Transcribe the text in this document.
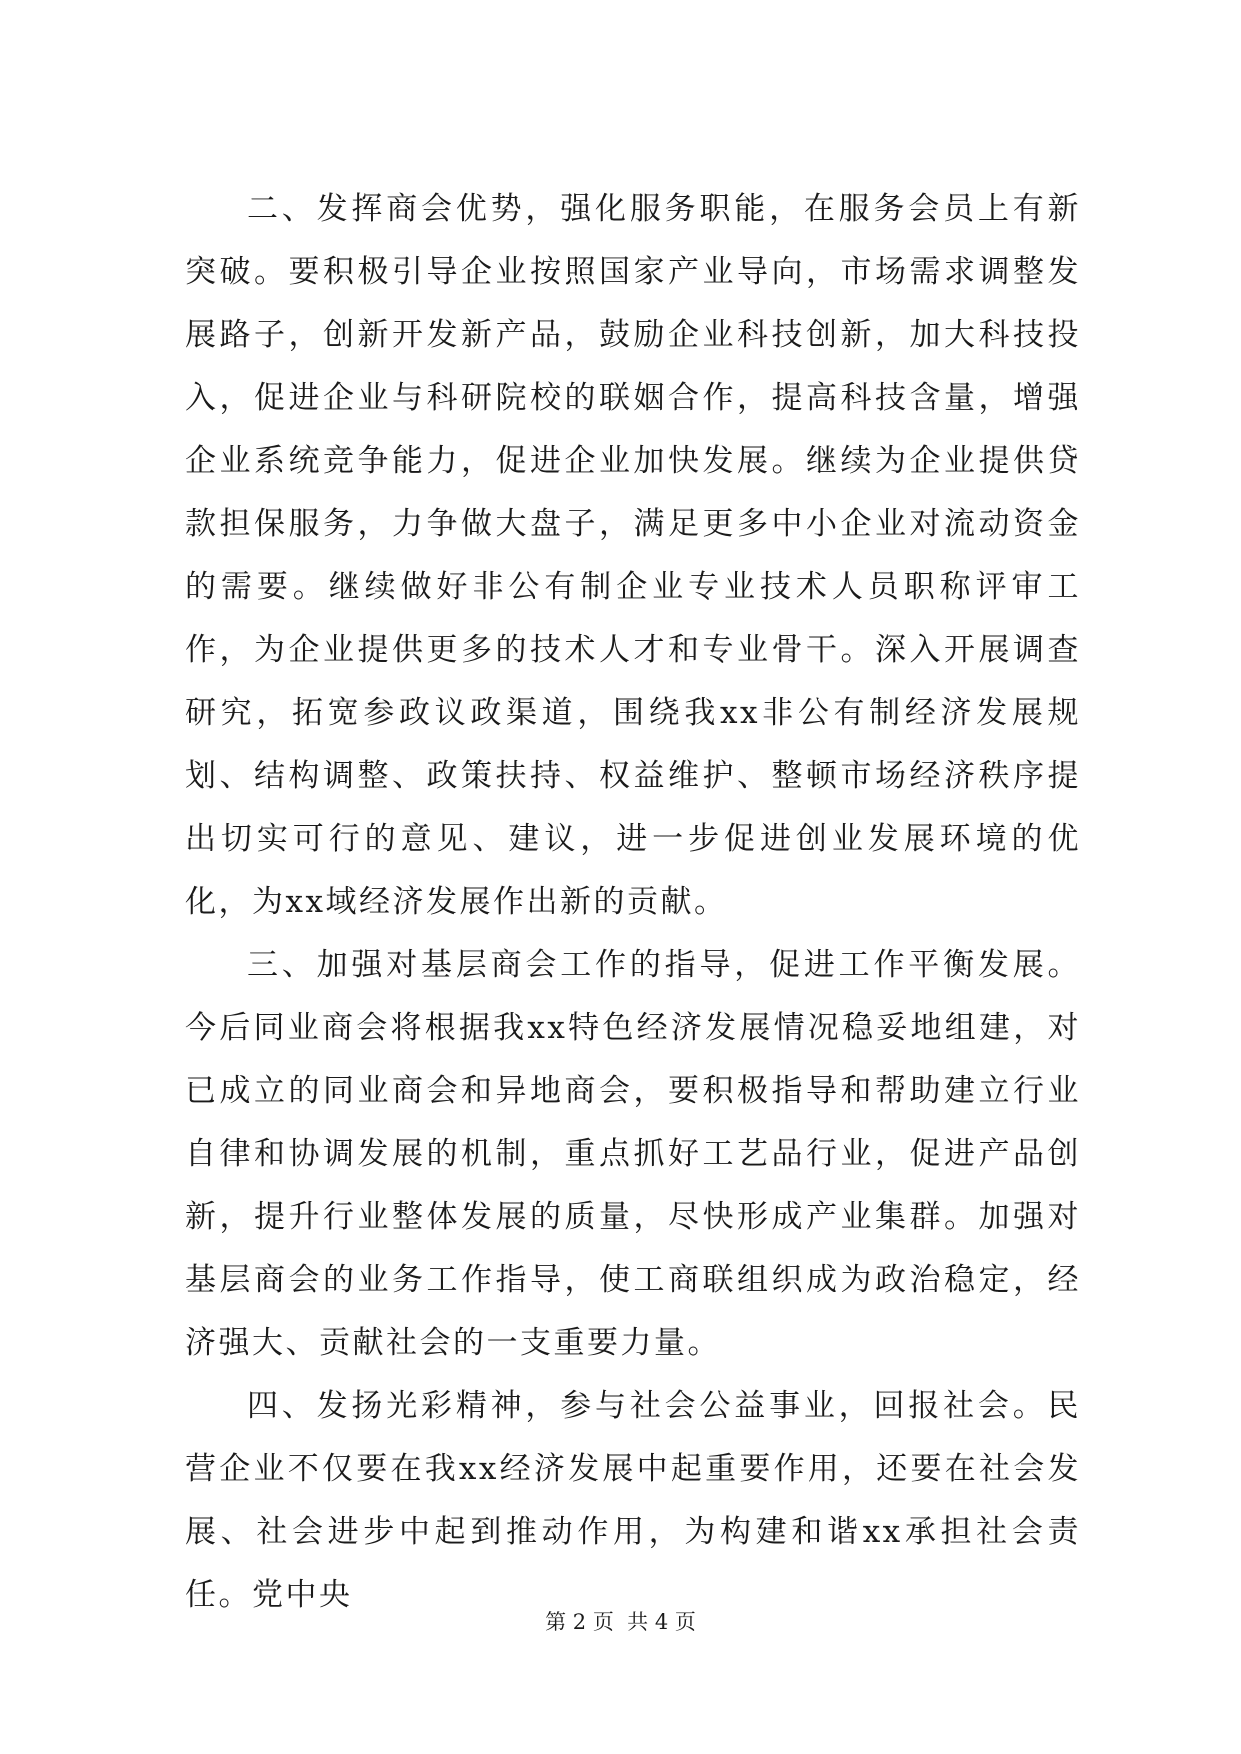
二、发挥商会优势，强化服务职能，在服务会员上有新突破。要积极引导企业按照国家产业导向，市场需求调整发展路子，创新开发新产品，鼓励企业科技创新，加大科技投入，促进企业与科研院校的联姻合作，提高科技含量，增强企业系统竞争能力，促进企业加快发展。继续为企业提供贷款担保服务，力争做大盘子，满足更多中小企业对流动资金的需要。继续做好非公有制企业专业技术人员职称评审工作，为企业提供更多的技术人才和专业骨干。深入开展调查研究，拓宽参政议政渠道，围绕我xx非公有制经济发展规划、结构调整、政策扶持、权益维护、整顿市场经济秩序提出切实可行的意见、建议，进一步促进创业发展环境的优化，为xx域经济发展作出新的贡献。

三、加强对基层商会工作的指导，促进工作平衡发展。今后同业商会将根据我xx特色经济发展情况稳妥地组建，对已成立的同业商会和异地商会，要积极指导和帮助建立行业自律和协调发展的机制，重点抓好工艺品行业，促进产品创新，提升行业整体发展的质量，尽快形成产业集群。加强对基层商会的业务工作指导，使工商联组织成为政治稳定，经济强大、贡献社会的一支重要力量。

四、发扬光彩精神，参与社会公益事业，回报社会。民营企业不仅要在我xx经济发展中起重要作用，还要在社会发展、社会进步中起到推动作用，为构建和谐xx承担社会责任。党中央

第 2 页  共 4 页
